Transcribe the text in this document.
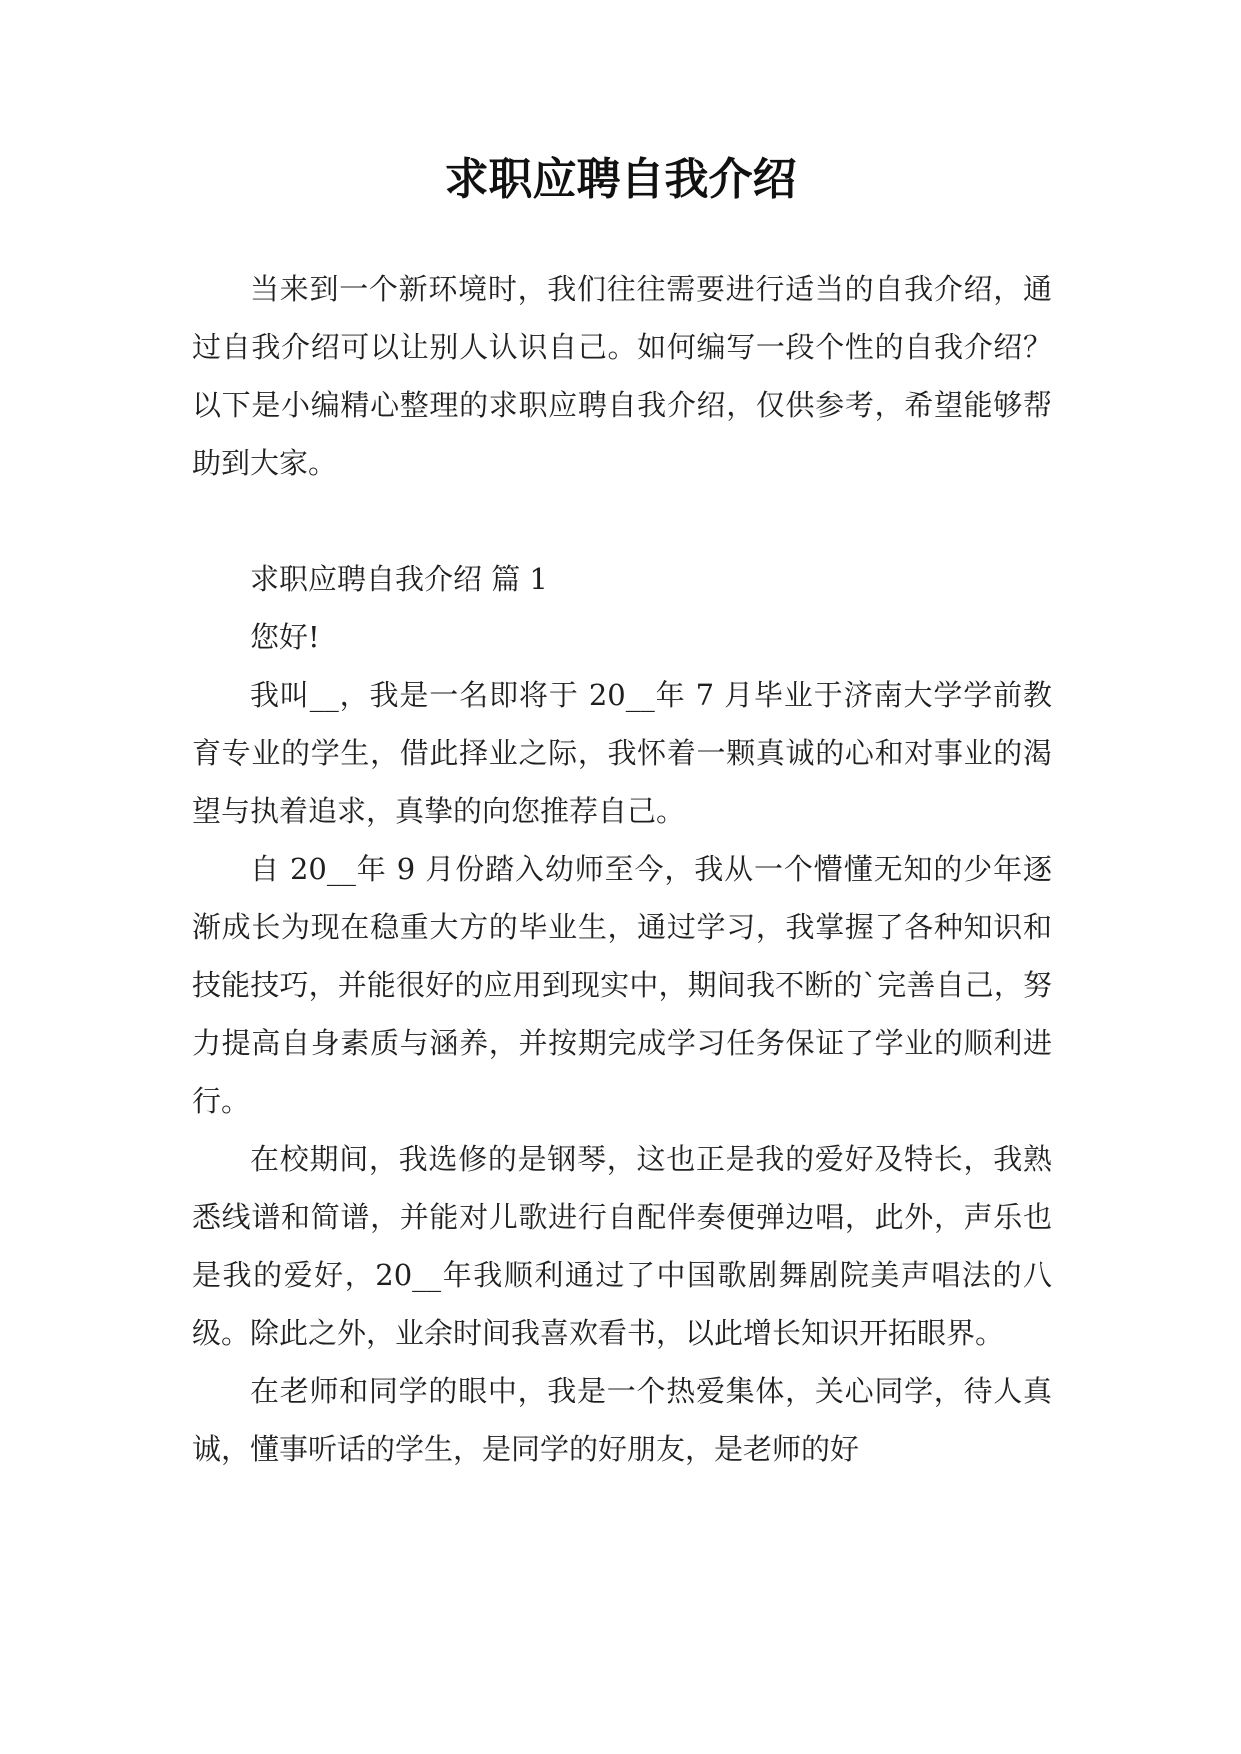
求职应聘自我介绍

当来到一个新环境时，我们往往需要进行适当的自我介绍，通过自我介绍可以让别人认识自己。如何编写一段个性的自我介绍？以下是小编精心整理的求职应聘自我介绍，仅供参考，希望能够帮助到大家。

求职应聘自我介绍 篇 1

您好!

我叫__，我是一名即将于 20__年 7 月毕业于济南大学学前教育专业的学生，借此择业之际，我怀着一颗真诚的心和对事业的渴望与执着追求，真挚的向您推荐自己。

自 20__年 9 月份踏入幼师至今，我从一个懵懂无知的少年逐渐成长为现在稳重大方的毕业生，通过学习，我掌握了各种知识和技能技巧，并能很好的应用到现实中，期间我不断的`完善自己，努力提高自身素质与涵养，并按期完成学习任务保证了学业的顺利进行。

在校期间，我选修的是钢琴，这也正是我的爱好及特长，我熟悉线谱和简谱，并能对儿歌进行自配伴奏便弹边唱，此外，声乐也是我的爱好，20__年我顺利通过了中国歌剧舞剧院美声唱法的八级。除此之外，业余时间我喜欢看书，以此增长知识开拓眼界。

在老师和同学的眼中，我是一个热爱集体，关心同学，待人真诚，懂事听话的学生，是同学的好朋友，是老师的好
